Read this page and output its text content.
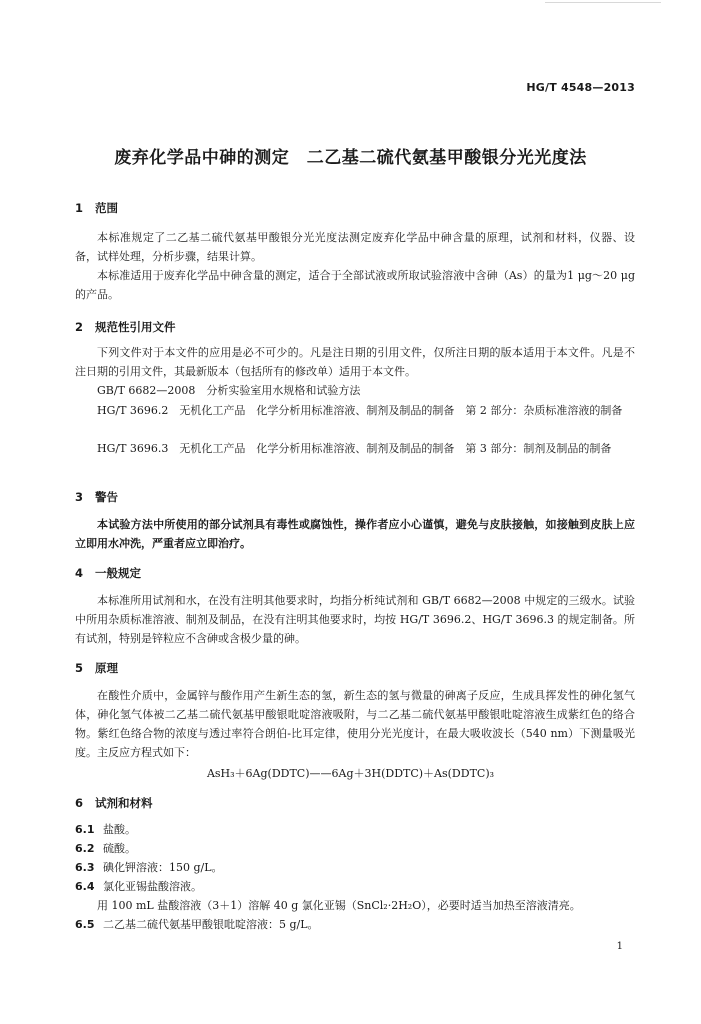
HG/T 4548—2013
废弃化学品中砷的测定　二乙基二硫代氨基甲酸银分光光度法
1 范围

本标准规定了二乙基二硫代氨基甲酸银分光光度法测定废弃化学品中砷含量的原理，试剂和材料，仪器、设备，试样处理，分析步骤，结果计算。

本标准适用于废弃化学品中砷含量的测定，适合于全部试液或所取试验溶液中含砷（As）的量为1 μg～20 μg的产品。

2 规范性引用文件

下列文件对于本文件的应用是必不可少的。凡是注日期的引用文件，仅所注日期的版本适用于本文件。凡是不注日期的引用文件，其最新版本（包括所有的修改单）适用于本文件。

GB/T 6682—2008　分析实验室用水规格和试验方法

HG/T 3696.2　无机化工产品　化学分析用标准溶液、制剂及制品的制备　第 2 部分：杂质标准溶液的制备

HG/T 3696.3　无机化工产品　化学分析用标准溶液、制剂及制品的制备　第 3 部分：制剂及制品的制备

3 警告

本试验方法中所使用的部分试剂具有毒性或腐蚀性，操作者应小心谨慎，避免与皮肤接触，如接触到皮肤上应立即用水冲洗，严重者应立即治疗。

4 一般规定

本标准所用试剂和水，在没有注明其他要求时，均指分析纯试剂和 GB/T 6682—2008 中规定的三级水。试验中所用杂质标准溶液、制剂及制品，在没有注明其他要求时，均按 HG/T 3696.2、HG/T 3696.3 的规定制备。所有试剂，特别是锌粒应不含砷或含极少量的砷。

5 原理

在酸性介质中，金属锌与酸作用产生新生态的氢，新生态的氢与微量的砷离子反应，生成具挥发性的砷化氢气体，砷化氢气体被二乙基二硫代氨基甲酸银吡啶溶液吸附，与二乙基二硫代氨基甲酸银吡啶溶液生成紫红色的络合物。紫红色络合物的浓度与透过率符合朗伯-比耳定律，使用分光光度计，在最大吸收波长（540 nm）下测量吸光度。主反应方程式如下：

AsH₃＋6Ag(DDTC)——6Ag＋3H(DDTC)＋As(DDTC)₃
6 试剂和材料
6.1 盐酸。
6.2 硫酸。
6.3 碘化钾溶液：150 g/L。
6.4 氯化亚锡盐酸溶液。
用 100 mL 盐酸溶液（3＋1）溶解 40 g 氯化亚锡（SnCl₂·2H₂O），必要时适当加热至溶液清亮。
6.5 二乙基二硫代氨基甲酸银吡啶溶液：5 g/L。
1
